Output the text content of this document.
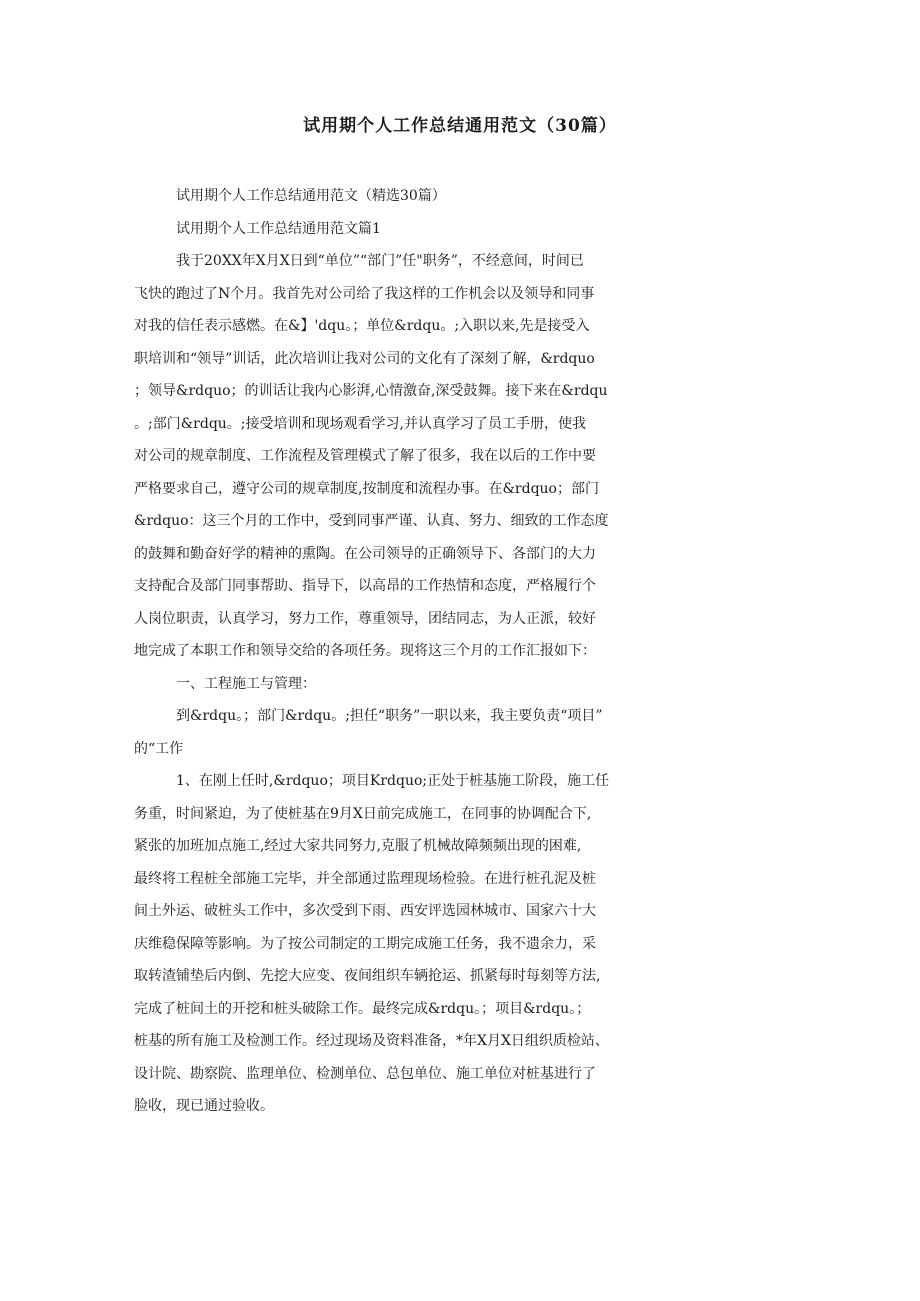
试用期个人工作总结通用范文（30篇）

试用期个人工作总结通用范文（精选30篇）

试用期个人工作总结通用范文篇1

我于20XX年X月X日到“单位”“部门”任"职务”，不经意间，时间已

飞快的跑过了N个月。我首先对公司给了我这样的工作机会以及领导和同事

对我的信任表示感燃。在&】'dqu。；单位&rdqu。;入职以来,先是接受入

职培训和“领导”训话，此次培训让我对公司的文化有了深刻了解，&rdquo

；领导&rdquo；的训话让我内心影湃,心情激奋,深受鼓舞。接下来在&rdqu

。;部门&rdqu。;接受培训和现场观看学习,并认真学习了员工手册，使我

对公司的规章制度、工作流程及管理模式了解了很多，我在以后的工作中要

严格要求自己，遵守公司的规章制度,按制度和流程办事。在&rdquo；部门

&rdquo：这三个月的工作中，受到同事严谨、认真、努力、细致的工作态度

的鼓舞和勤奋好学的精神的熏陶。在公司领导的正确领导下、各部门的大力

支持配合及部门同事帮助、指导下，以高昂的工作热情和态度，严格履行个

人岗位职责，认真学习，努力工作，尊重领导，团结同志，为人正派，较好

地完成了本职工作和领导交给的各项任务。现将这三个月的工作汇报如下：

一、工程施工与管理：

到&rdqu。；部门&rdqu。;担任“职务”一职以来，我主要负责“项目”

的“工作

1、在刚上任时,&rdquo；项目Krdquo;正处于桩基施工阶段，施工任

务重，时间紧迫，为了使桩基在9月X日前完成施工，在同事的协调配合下,

紧张的加班加点施工,经过大家共同努力,克服了机械故障频频出现的困难,

最终将工程桩全部施工完毕，并全部通过监理现场检验。在进行桩孔泥及桩

间土外运、破桩头工作中，多次受到下雨、西安评选园林城市、国家六十大

庆维稳保障等影响。为了按公司制定的工期完成施工任务，我不遗余力，采

取转渣铺垫后内倒、先挖大应变、夜间组织车辆抢运、抓紧每时每刻等方法,

完成了桩间土的开挖和桩头破除工作。最终完成&rdqu。；项目&rdqu。；

桩基的所有施工及检测工作。经过现场及资料准备，*年X月X日组织质检站、

设计院、勘察院、监理单位、检测单位、总包单位、施工单位对桩基进行了

脸收，现已通过验收。
